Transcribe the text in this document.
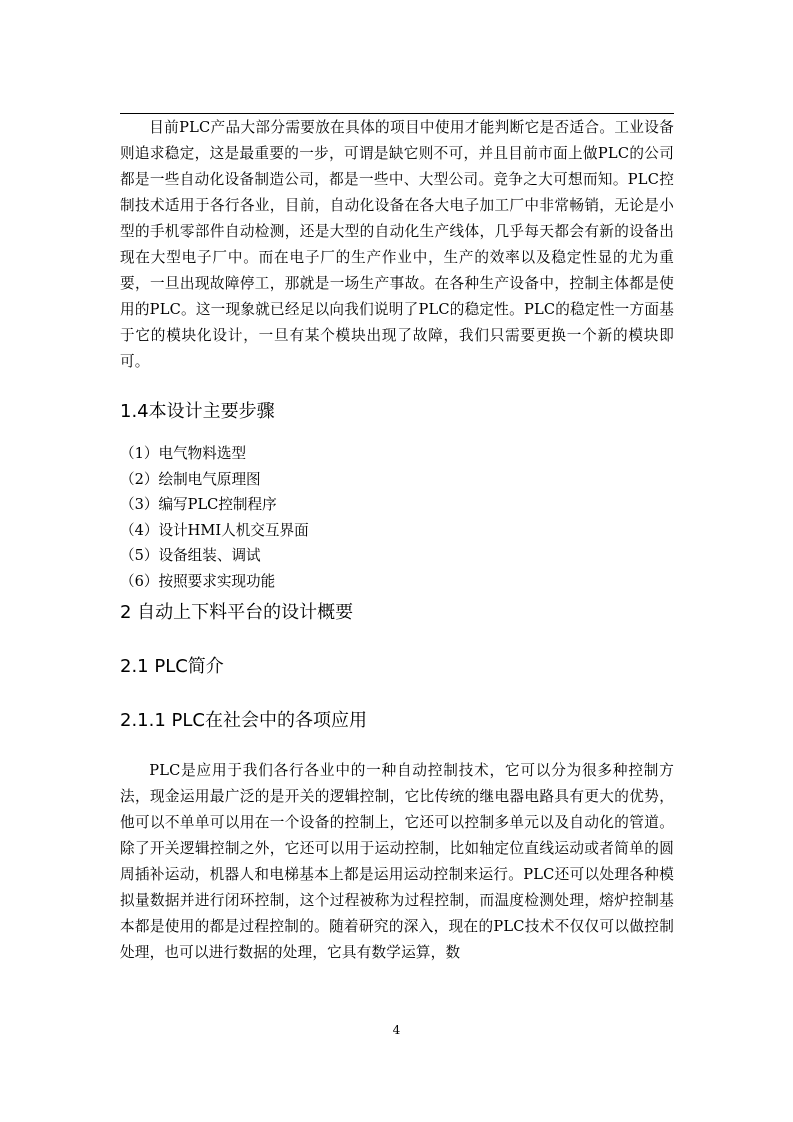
目前PLC产品大部分需要放在具体的项目中使用才能判断它是否适合。工业设备则追求稳定，这是最重要的一步，可谓是缺它则不可，并且目前市面上做PLC的公司都是一些自动化设备制造公司，都是一些中、大型公司。竞争之大可想而知。PLC控制技术适用于各行各业，目前，自动化设备在各大电子加工厂中非常畅销，无论是小型的手机零部件自动检测，还是大型的自动化生产线体，几乎每天都会有新的设备出现在大型电子厂中。而在电子厂的生产作业中，生产的效率以及稳定性显的尤为重要，一旦出现故障停工，那就是一场生产事故。在各种生产设备中，控制主体都是使用的PLC。这一现象就已经足以向我们说明了PLC的稳定性。PLC的稳定性一方面基于它的模块化设计，一旦有某个模块出现了故障，我们只需要更换一个新的模块即可。

1.4本设计主要步骤
（1）电气物料选型
（2）绘制电气原理图
（3）编写PLC控制程序
（4）设计HMI人机交互界面
（5）设备组装、调试
（6）按照要求实现功能
2 自动上下料平台的设计概要
2.1 PLC简介
2.1.1 PLC在社会中的各项应用

PLC是应用于我们各行各业中的一种自动控制技术，它可以分为很多种控制方法，现金运用最广泛的是开关的逻辑控制，它比传统的继电器电路具有更大的优势，他可以不单单可以用在一个设备的控制上，它还可以控制多单元以及自动化的管道。除了开关逻辑控制之外，它还可以用于运动控制，比如轴定位直线运动或者简单的圆周插补运动，机器人和电梯基本上都是运用运动控制来运行。PLC还可以处理各种模拟量数据并进行闭环控制，这个过程被称为过程控制，而温度检测处理，熔炉控制基本都是使用的都是过程控制的。随着研究的深入，现在的PLC技术不仅仅可以做控制处理，也可以进行数据的处理，它具有数学运算，数

4
